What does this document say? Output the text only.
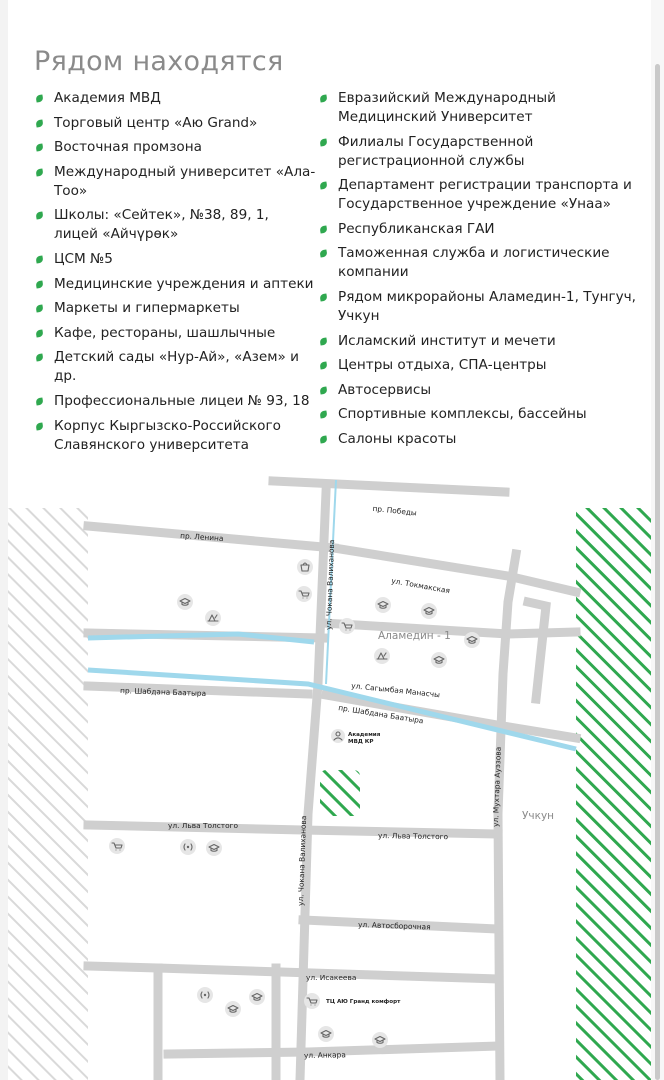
Рядом находятся
Академия МВД
Торговый центр «Аю Grand»
Восточная промзона
Международный университет «Ала-Тоо»
Школы: «Сейтек», №38, 89, 1, лицей «Айчүрөк»
ЦСМ №5
Медицинские учреждения и аптеки
Маркеты и гипермаркеты
Кафе, рестораны, шашлычные
Детский сады «Нур-Ай», «Азем» и др.
Профессиональные лицеи № 93, 18
Корпус Кыргызско-Российского Славянского университета
Евразийский Международный Медицинский Университет
Филиалы Государственной регистрационной службы
Департамент регистрации транспорта и Государственное учреждение «Унаа»
Республиканская ГАИ
Таможенная служба и логистические компании
Рядом микрорайоны Аламедин-1, Тунгуч, Учкун
Исламский институт и мечети
Центры отдыха, СПА-центры
Автосервисы
Спортивные комплексы, бассейны
Салоны красоты
пр. Победы
пр. Ленина
ул. Токмакская
ул. Чокана Валиханова
ул. Сагымбая Манасчы
пр. Шабдана Баатыра
пр. Шабдана Баатыра
ул. Мухтара Ауэзова
ул. Чокана Валиханова
ул. Льва Толстого
ул. Льва Толстого
ул. Автосборочная
ул. Исакеева
ул. Анкара
Аламедин - 1
Учкун
Академия
МВД КР
ТЦ АЮ Гранд комфорт
